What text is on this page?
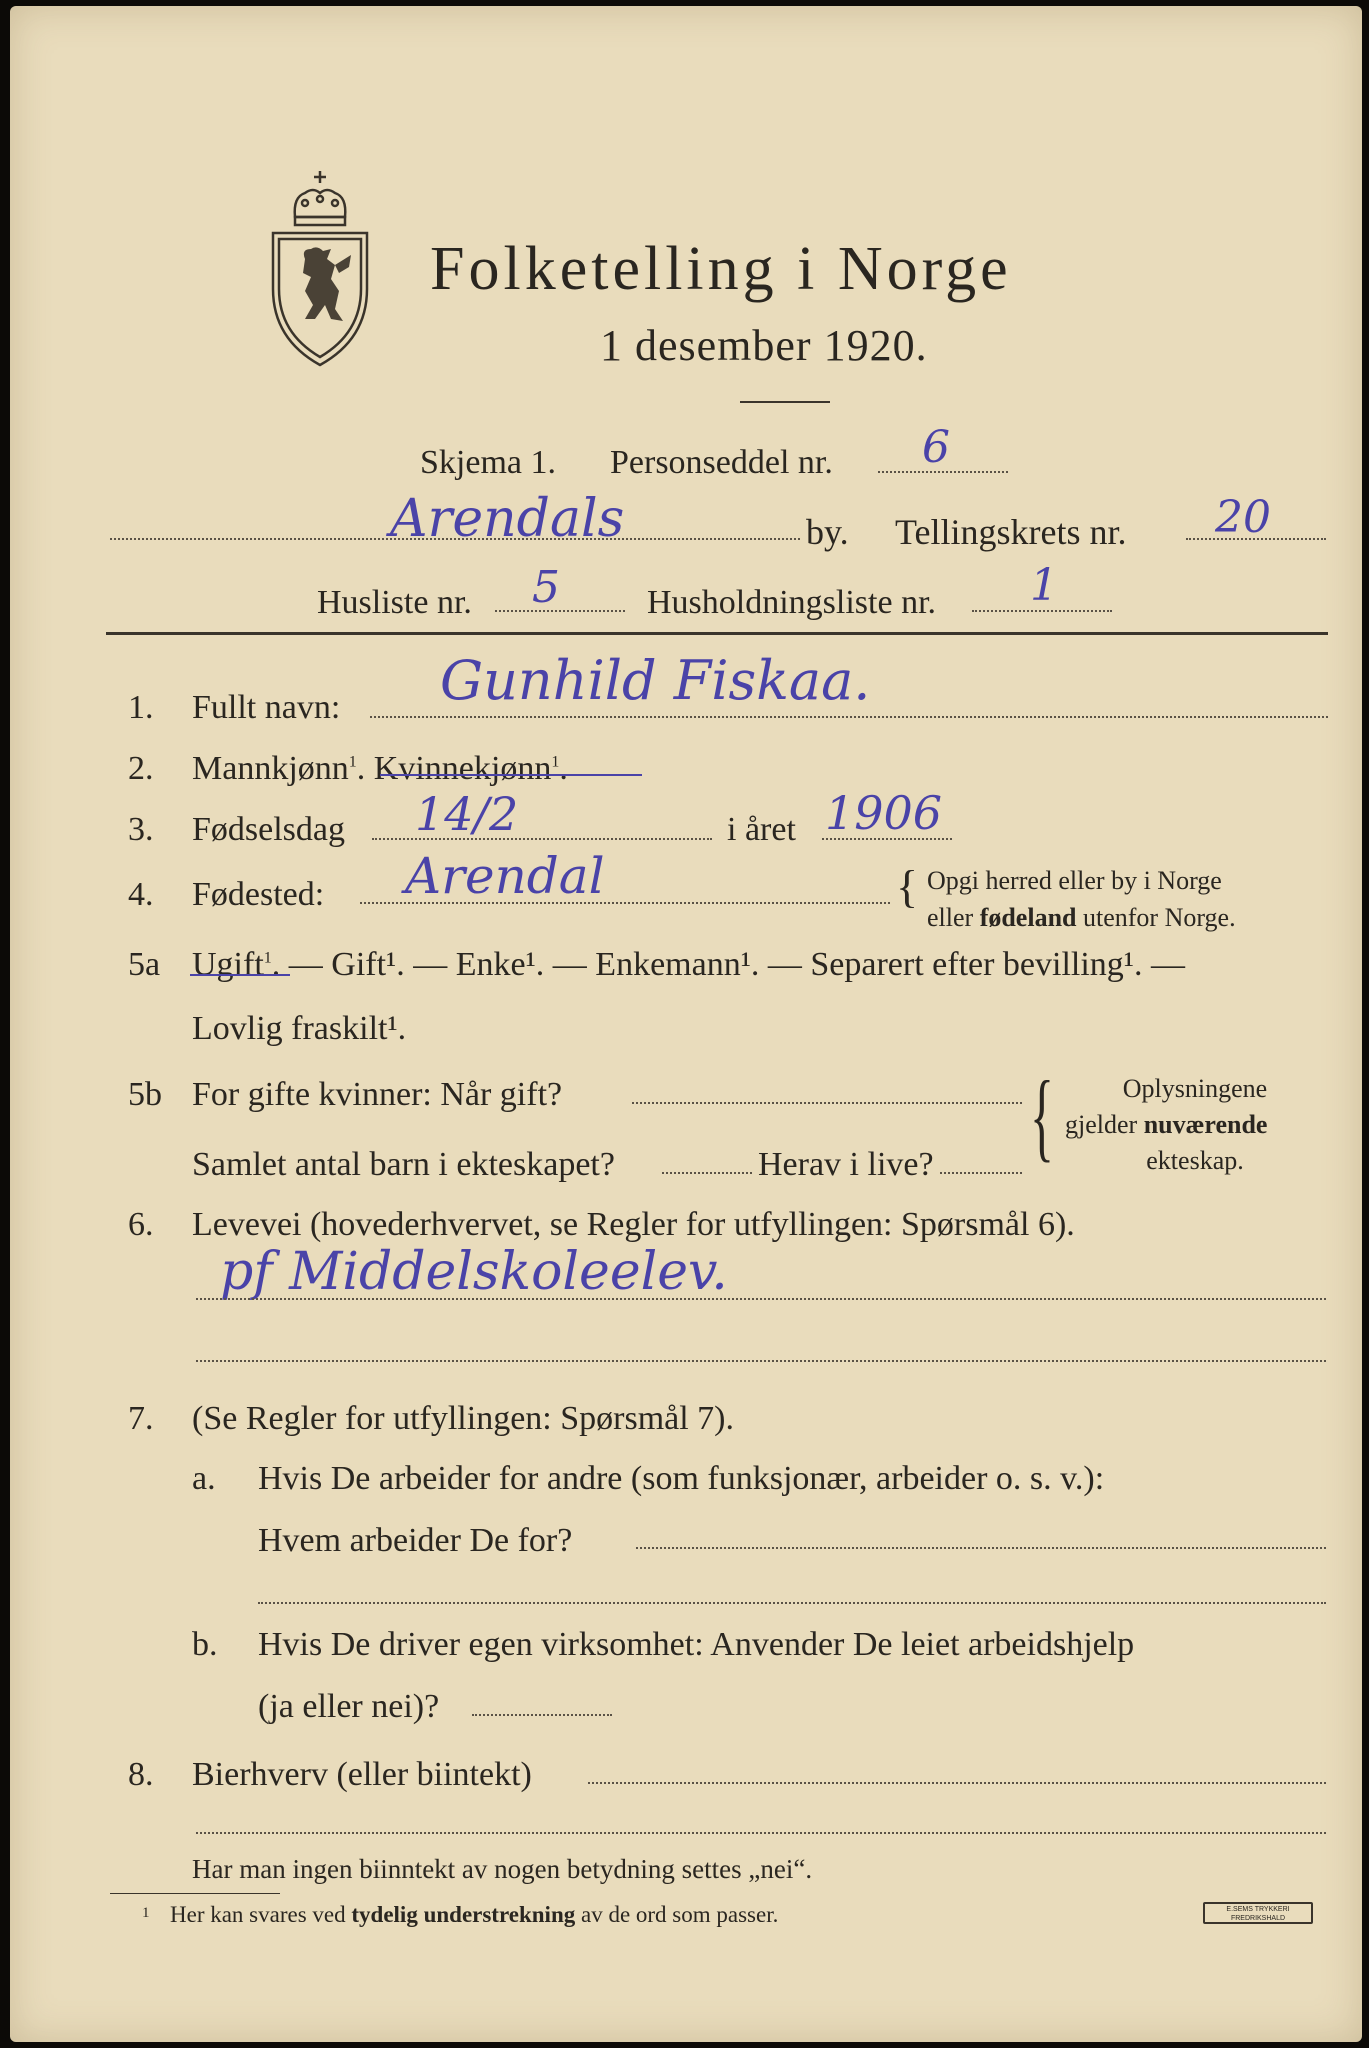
Folketelling i Norge
1 desember 1920.
Skjema 1. Personseddel nr. 6
Arendals	by. Tellingskrets nr. 20
Husliste nr. 5	Husholdningsliste nr. 1
1. Fullt navn: Gunhild Fiskaa.
2. Mannkjønn$^1$. Kvinnekjønn$^1$.
3. Fødselsdag 14/2	i året 1906
4. Fødested: Arendal	{ Opgi herred eller by i Norge
eller fødeland utenfor Norge.
5a Ugift$^1$. — Gift¹. — Enke¹. — Enkemann¹. — Separert efter bevilling¹. —
Lovlig fraskilt¹.
5b For gifte kvinner: Når gift?
Samlet antal barn i ekteskapet?	Herav i live? {	Oplysningene
gjelder nuværende
ekteskap.
6. Levevei (hovederhvervet, se Regler for utfyllingen: Spørsmål 6).
pf Middelskoleelev.
7. (Se Regler for utfyllingen: Spørsmål 7).
a. Hvis De arbeider for andre (som funksjonær, arbeider o. s. v.):
Hvem arbeider De for?
b. Hvis De driver egen virksomhet: Anvender De leiet arbeidshjelp
(ja eller nei)?
8. Bierhverv (eller biintekt)
Har man ingen biinntekt av nogen betydning settes „nei“.
1 Her kan svares ved tydelig understrekning av de ord som passer.	E.SEMS TRYKKERI
FREDRIKSHALD
